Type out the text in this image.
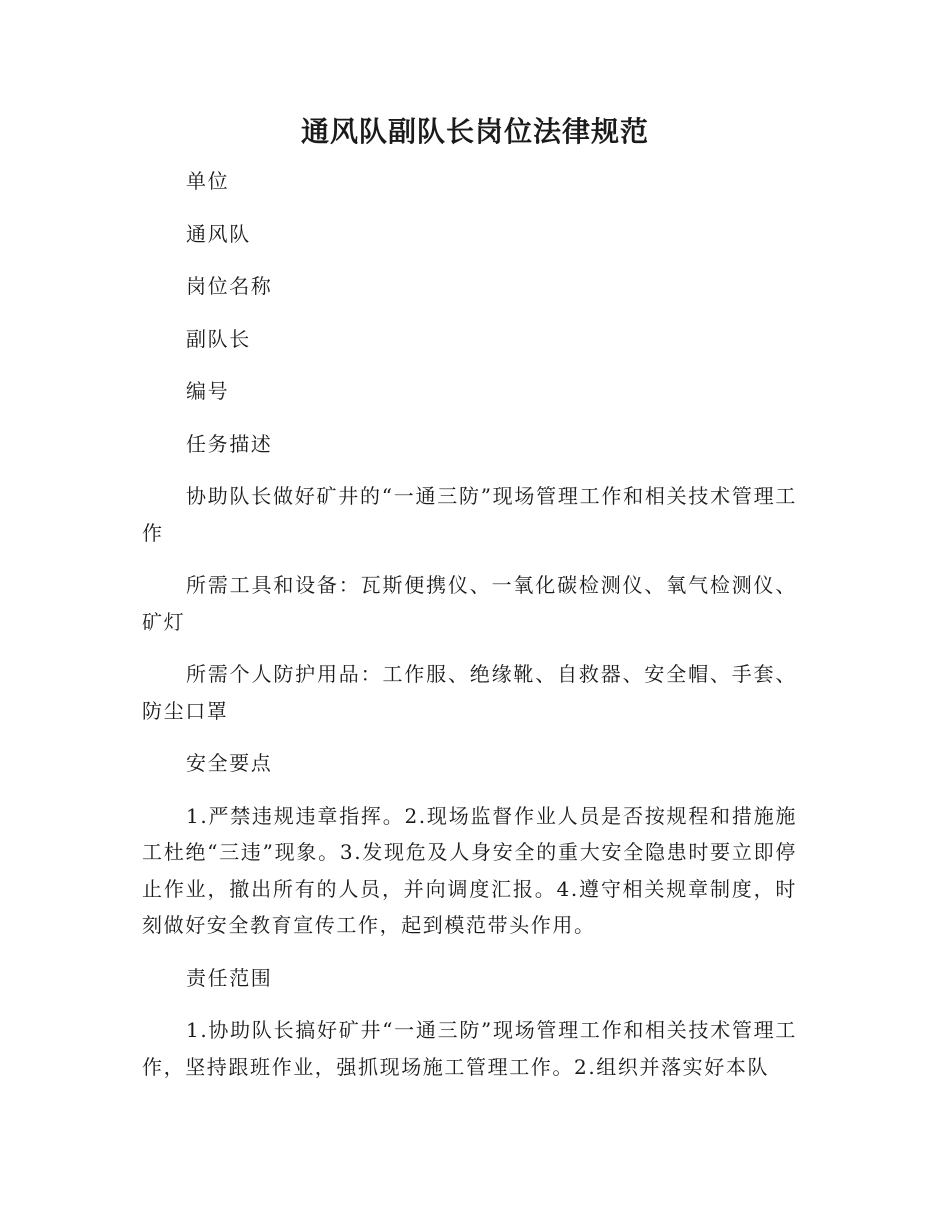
通风队副队长岗位法律规范

单位

通风队

岗位名称

副队长

编号

任务描述

协助队长做好矿井的“一通三防”现场管理工作和相关技术管理工作

所需工具和设备：瓦斯便携仪、一氧化碳检测仪、氧气检测仪、矿灯

所需个人防护用品：工作服、绝缘靴、自救器、安全帽、手套、防尘口罩

安全要点

1.严禁违规违章指挥。2.现场监督作业人员是否按规程和措施施工杜绝“三违”现象。3.发现危及人身安全的重大安全隐患时要立即停止作业，撤出所有的人员，并向调度汇报。4.遵守相关规章制度，时刻做好安全教育宣传工作，起到模范带头作用。

责任范围

1.协助队长搞好矿井“一通三防”现场管理工作和相关技术管理工作，坚持跟班作业，强抓现场施工管理工作。2.组织并落实好本队
